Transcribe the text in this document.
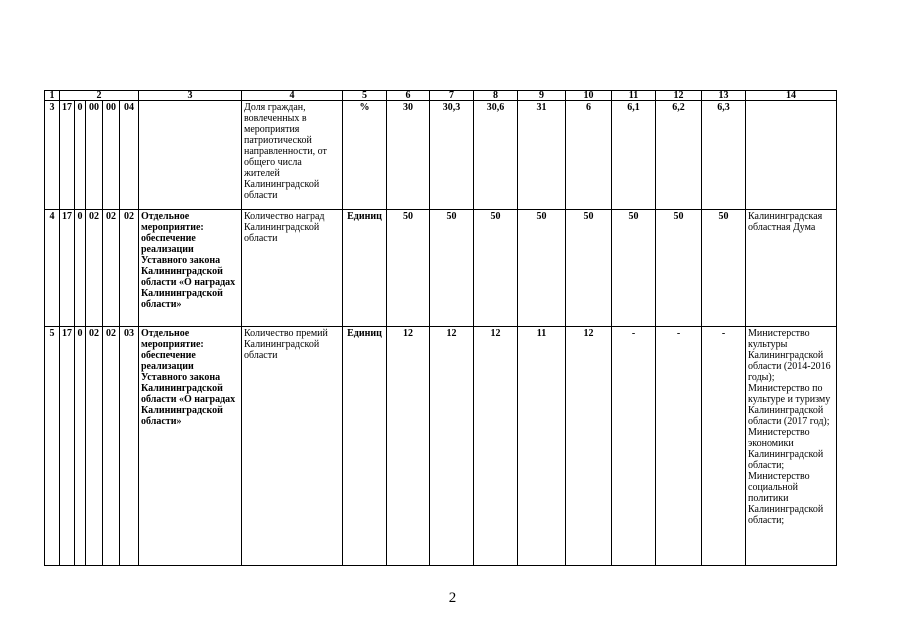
1	2					3	4	5	6	7	8	9	10	11	12	13	14
3	17	0	00	00	04		Доля граждан, вовлеченных в мероприятия патриотической направленности, от общего числа жителей Калининградской области	%	30	30,3	30,6	31	6	6,1	6,2	6,3	
4	17	0	02	02	02	Отдельное мероприятие: обеспечение реализации Уставного закона Калининградской области «О наградах Калининградской области»	Количество наград Калининградской области	Единиц	50	50	50	50	50	50	50	50	Калининградская областная Дума
5	17	0	02	02	03	Отдельное мероприятие: обеспечение реализации Уставного закона Калининградской области «О наградах Калининградской области»	Количество премий Калининградской области	Единиц	12	12	12	11	12	-	-	-	Министерство культуры Калининградской области (2014-2016 годы); Министерство по культуре и туризму Калининградской области (2017 год); Министерство экономики Калининградской области; Министерство социальной политики Калининградской области;
2
